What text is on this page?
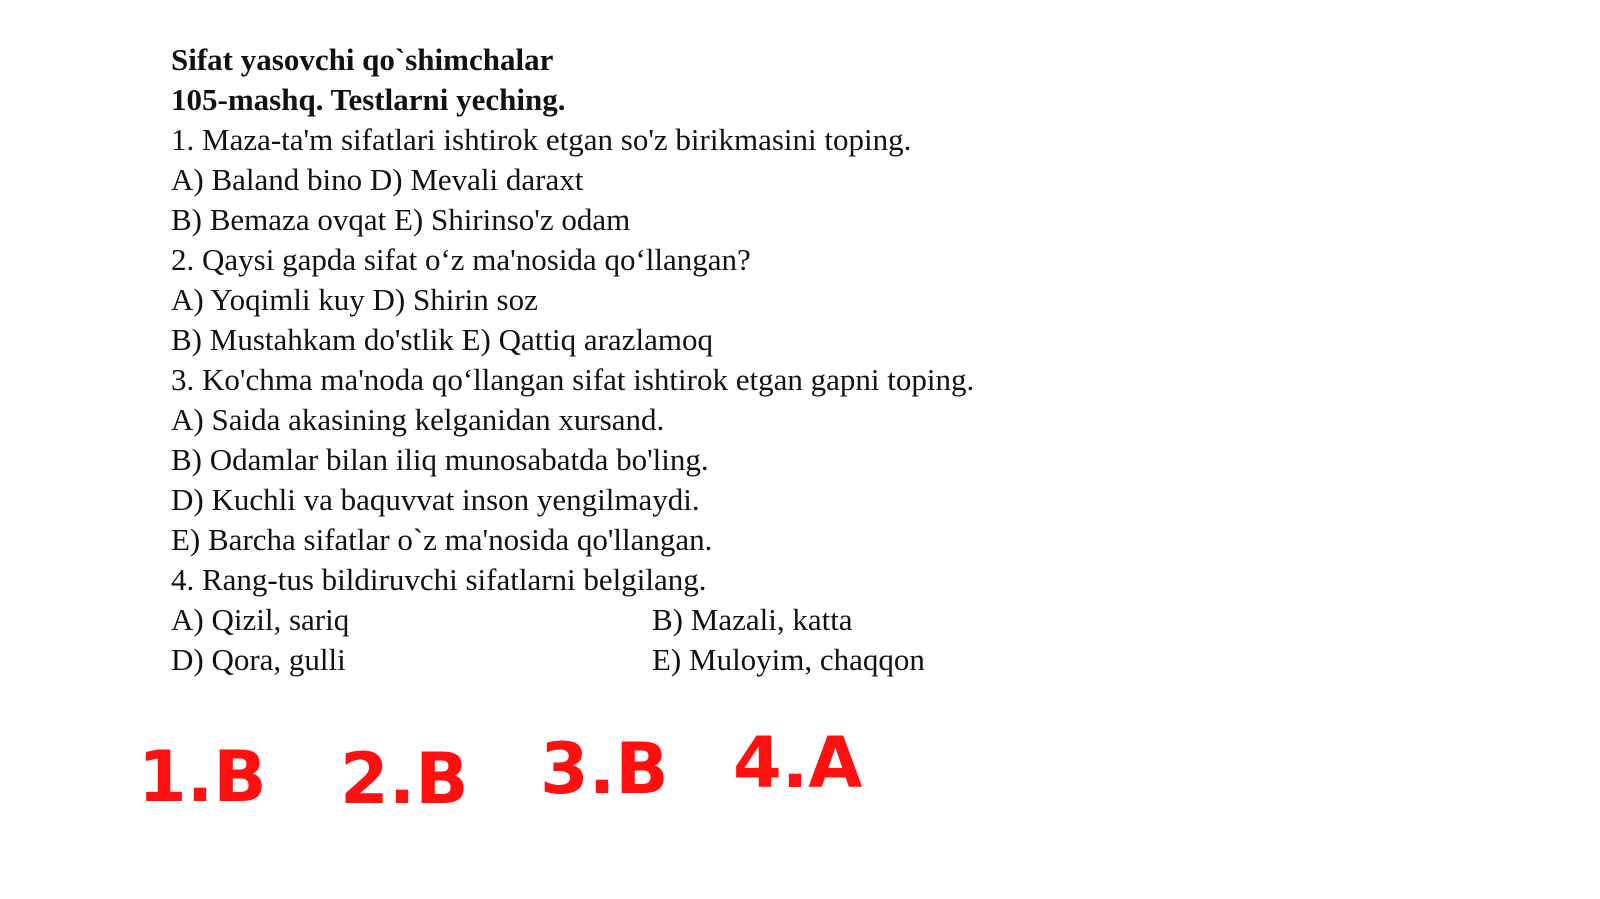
Sifat yasovchi qo`shimchalar
105-mashq. Testlarni yeching.
1. Maza-ta'm sifatlari ishtirok etgan so'z birikmasini toping.
A) Baland bino D) Mevali daraxt
B) Bemaza ovqat E) Shirinso'z odam
2. Qaysi gapda sifat o‘z ma'nosida qo‘llangan?
A) Yoqimli kuy D) Shirin soz
B) Mustahkam do'stlik E) Qattiq arazlamoq
3. Ko'chma ma'noda qo‘llangan sifat ishtirok etgan gapni toping.
A) Saida akasining kelganidan xursand.
B) Odamlar bilan iliq munosabatda bo'ling.
D) Kuchli va baquvvat inson yengilmaydi.
E) Barcha sifatlar o`z ma'nosida qo'llangan.
4. Rang-tus bildiruvchi sifatlarni belgilang.
A) Qizil, sariq	B) Mazali, katta
D) Qora, gulli	E) Muloyim, chaqqon
1.B 2.B 3.B 4.A
